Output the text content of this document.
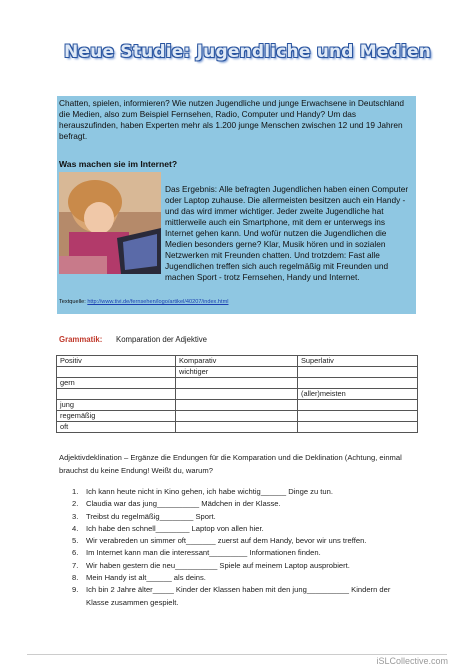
Neue Studie: Jugendliche und Medien
Chatten, spielen, informieren? Wie nutzen Jugendliche und junge Erwachsene in Deutschland die Medien, also zum Beispiel Fernsehen, Radio, Computer und Handy? Um das herauszufinden, haben Experten mehr als 1.200 junge Menschen zwischen 12 und 19 Jahren befragt.
Was machen sie im Internet?
Das Ergebnis: Alle befragten Jugendlichen haben einen Computer oder Laptop zuhause. Die allermeisten besitzen auch ein Handy - und das wird immer wichtiger. Jeder zweite Jugendliche hat mittlerweile auch ein Smartphone, mit dem er unterwegs ins Internet gehen kann. Und wofür nutzen die Jugendlichen die Medien besonders gerne? Klar, Musik hören und in sozialen Netzwerken mit Freunden chatten. Und trotzdem: Fast alle Jugendlichen treffen sich auch regelmäßig mit Freunden und machen Sport - trotz Fernsehen, Handy und Internet.
Textquelle: http://www.tivi.de/fernsehen/logo/artikel/40207/index.html
Grammatik: Komparation der Adjektive
Positiv	Komparativ	Superlativ
	wichtiger	
gern		
		(aller)meisten
jung		
regemäßig		
oft		
Adjektivdeklination – Ergänze die Endungen für die Komparation und die Deklination (Achtung, einmal brauchst du keine Endung! Weißt du, warum?
1. Ich kann heute nicht in Kino gehen, ich habe wichtig______ Dinge zu tun.
2. Claudia war das jung__________ Mädchen in der Klasse.
3. Treibst du regelmäßig________ Sport.
4. Ich habe den schnell________ Laptop von allen hier.
5. Wir verabreden un simmer oft_______ zuerst auf dem Handy, bevor wir uns treffen.
6. Im Internet kann man die interessant_________ Informationen finden.
7. Wir haben gestern die neu__________ Spiele auf meinem Laptop ausprobiert.
8. Mein Handy ist alt______ als deins.
9. Ich bin 2 Jahre älter_____ Kinder der Klassen haben mit den jung__________ Kindern der Klasse zusammen gespielt.
iSLCollective.com
